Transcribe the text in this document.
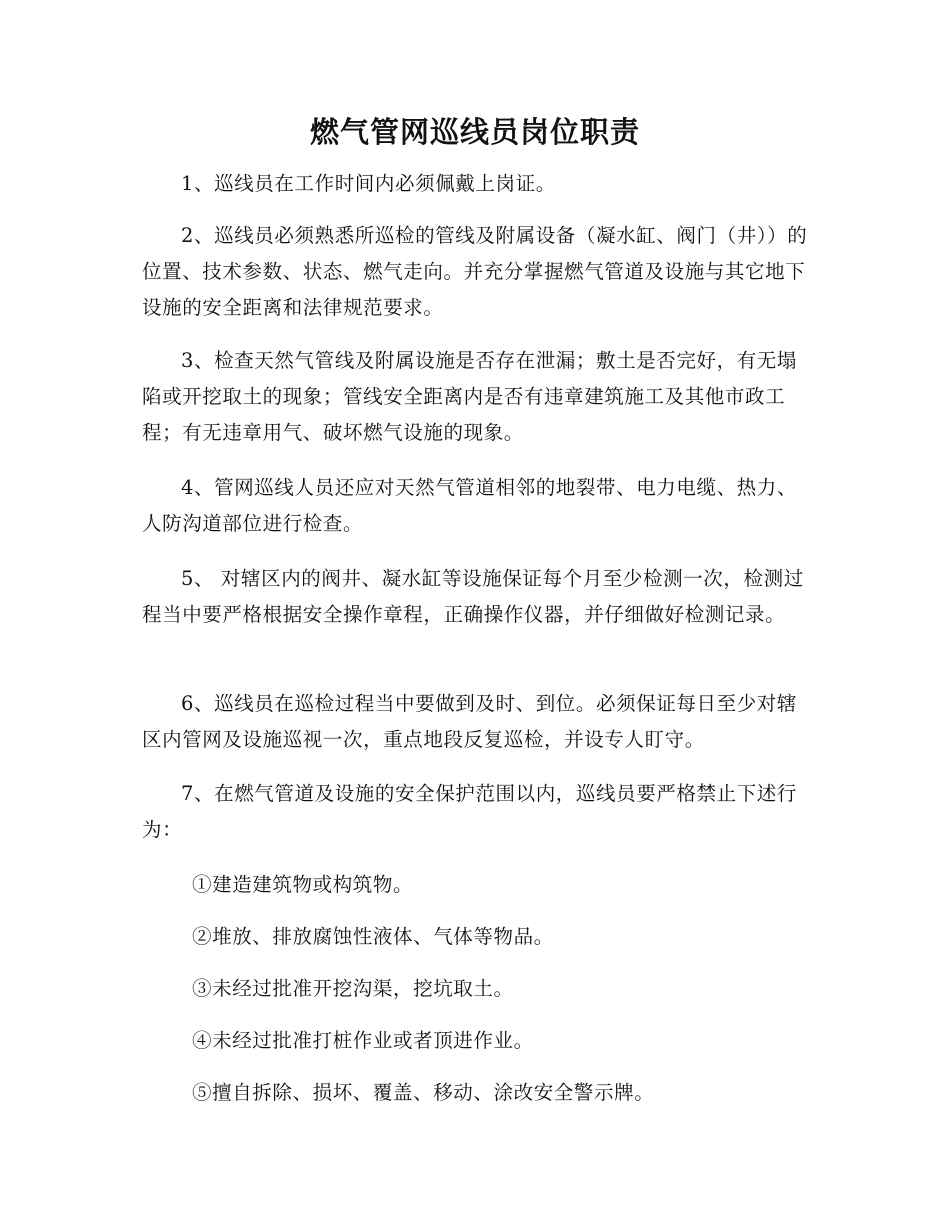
燃气管网巡线员岗位职责

1、巡线员在工作时间内必须佩戴上岗证。

2、巡线员必须熟悉所巡检的管线及附属设备（凝水缸、阀门（井））的位置、技术参数、状态、燃气走向。并充分掌握燃气管道及设施与其它地下设施的安全距离和法律规范要求。

3、检查天然气管线及附属设施是否存在泄漏；敷土是否完好，有无塌陷或开挖取土的现象；管线安全距离内是否有违章建筑施工及其他市政工程；有无违章用气、破坏燃气设施的现象。

4、管网巡线人员还应对天然气管道相邻的地裂带、电力电缆、热力、人防沟道部位进行检查。

5、 对辖区内的阀井、凝水缸等设施保证每个月至少检测一次，检测过程当中要严格根据安全操作章程，正确操作仪器，并仔细做好检测记录。

6、巡线员在巡检过程当中要做到及时、到位。必须保证每日至少对辖区内管网及设施巡视一次，重点地段反复巡检，并设专人盯守。

7、在燃气管道及设施的安全保护范围以内，巡线员要严格禁止下述行为：

①建造建筑物或构筑物。

②堆放、排放腐蚀性液体、气体等物品。

③未经过批准开挖沟渠，挖坑取土。

④未经过批准打桩作业或者顶进作业。

⑤擅自拆除、损坏、覆盖、移动、涂改安全警示牌。
